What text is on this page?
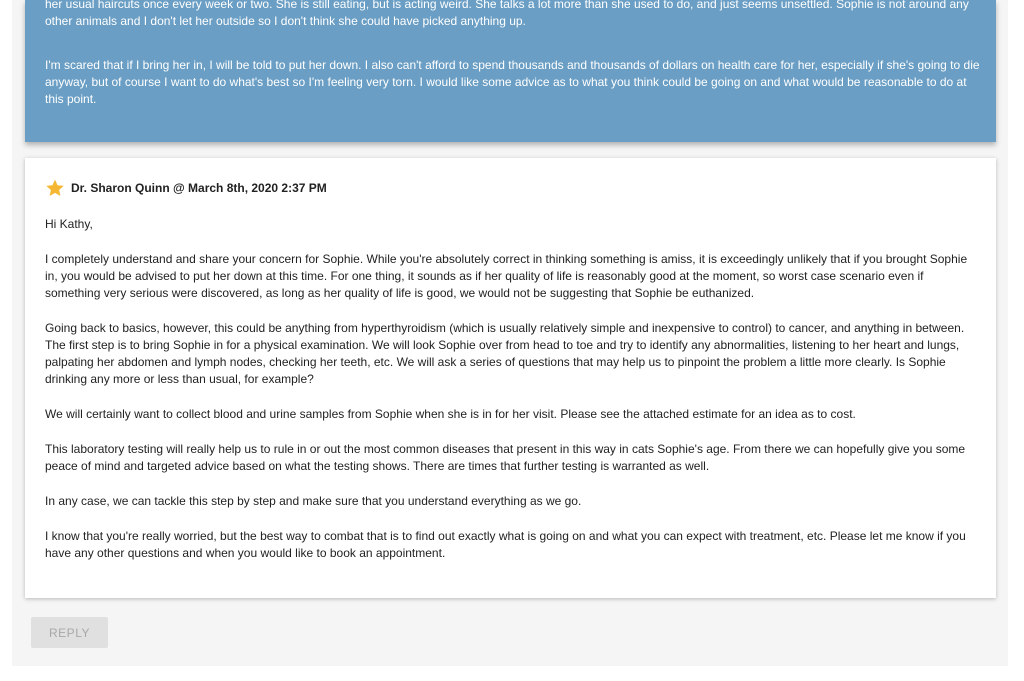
her usual haircuts once every week or two. She is still eating, but is acting weird. She talks a lot more than she used to do, and just seems unsettled. Sophie is not around any other animals and I don't let her outside so I don't think she could have picked anything up.

I'm scared that if I bring her in, I will be told to put her down. I also can't afford to spend thousands and thousands of dollars on health care for her, especially if she's going to die anyway, but of course I want to do what's best so I'm feeling very torn. I would like some advice as to what you think could be going on and what would be reasonable to do at this point.

Dr. Sharon Quinn @ March 8th, 2020 2:37 PM

Hi Kathy,

I completely understand and share your concern for Sophie. While you're absolutely correct in thinking something is amiss, it is exceedingly unlikely that if you brought Sophie in, you would be advised to put her down at this time. For one thing, it sounds as if her quality of life is reasonably good at the moment, so worst case scenario even if something very serious were discovered, as long as her quality of life is good, we would not be suggesting that Sophie be euthanized.

Going back to basics, however, this could be anything from hyperthyroidism (which is usually relatively simple and inexpensive to control) to cancer, and anything in between. The first step is to bring Sophie in for a physical examination. We will look Sophie over from head to toe and try to identify any abnormalities, listening to her heart and lungs, palpating her abdomen and lymph nodes, checking her teeth, etc. We will ask a series of questions that may help us to pinpoint the problem a little more clearly. Is Sophie drinking any more or less than usual, for example?

We will certainly want to collect blood and urine samples from Sophie when she is in for her visit. Please see the attached estimate for an idea as to cost.

This laboratory testing will really help us to rule in or out the most common diseases that present in this way in cats Sophie's age. From there we can hopefully give you some peace of mind and targeted advice based on what the testing shows. There are times that further testing is warranted as well.

In any case, we can tackle this step by step and make sure that you understand everything as we go.

I know that you're really worried, but the best way to combat that is to find out exactly what is going on and what you can expect with treatment, etc. Please let me know if you have any other questions and when you would like to book an appointment.

REPLY
